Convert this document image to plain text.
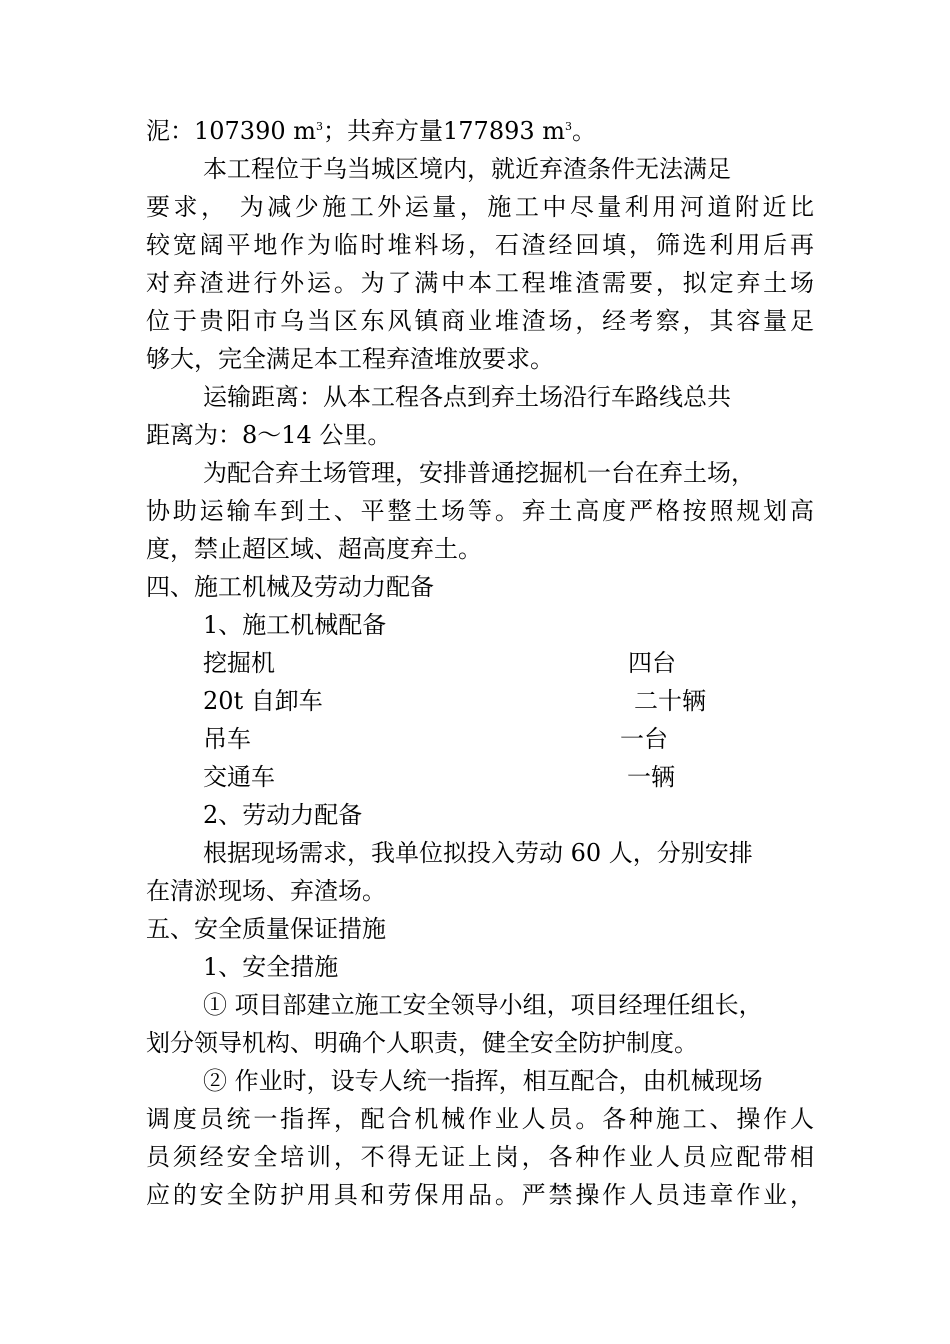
泥：107390 $m^3$；共弃方量177893 $m^3$。
本工程位于乌当城区境内，就近弃渣条件无法满足
要求， 为减少施工外运量，施工中尽量利用河道附近比
较宽阔平地作为临时堆料场，石渣经回填，筛选利用后再
对弃渣进行外运。为了满中本工程堆渣需要，拟定弃土场
位于贵阳市乌当区东风镇商业堆渣场，经考察，其容量足
够大，完全满足本工程弃渣堆放要求。
运输距离：从本工程各点到弃土场沿行车路线总共
距离为：8～14 公里。
为配合弃土场管理，安排普通挖掘机一台在弃土场，
协助运输车到土、平整土场等。弃土高度严格按照规划高
度，禁止超区域、超高度弃土。
四、施工机械及劳动力配备
1、施工机械配备
挖掘机	四台
20t 自卸车	二十辆
吊车	一台
交通车	一辆
2、劳动力配备
根据现场需求，我单位拟投入劳动 60 人，分别安排
在清淤现场、弃渣场。
五、安全质量保证措施
1、安全措施
① 项目部建立施工安全领导小组，项目经理任组长，
划分领导机构、明确个人职责，健全安全防护制度。
② 作业时，设专人统一指挥，相互配合，由机械现场
调度员统一指挥，配合机械作业人员。各种施工、操作人
员须经安全培训，不得无证上岗，各种作业人员应配带相
应的安全防护用具和劳保用品。严禁操作人员违章作业，
